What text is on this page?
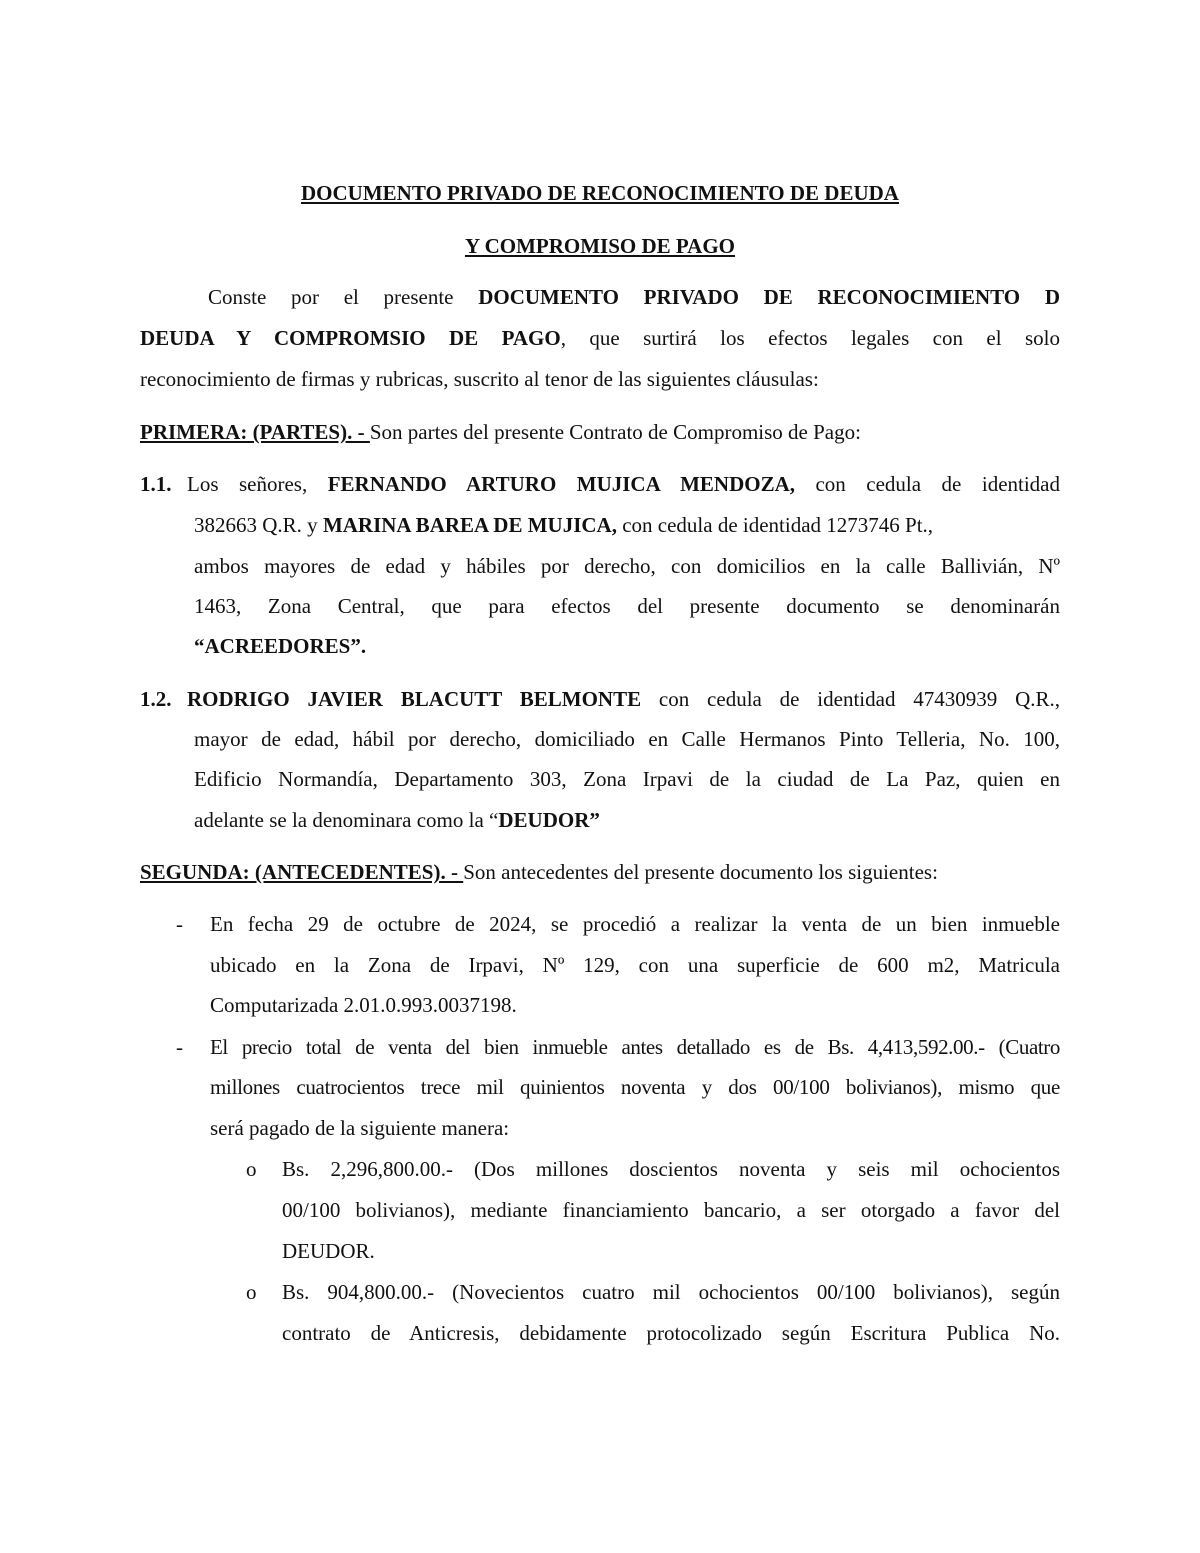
DOCUMENTO PRIVADO DE RECONOCIMIENTO DE DEUDA
Y COMPROMISO DE PAGO
Conste por el presente DOCUMENTO PRIVADO DE RECONOCIMIENTO D
DEUDA Y COMPROMSIO DE PAGO, que surtirá los efectos legales con el solo
reconocimiento de firmas y rubricas, suscrito al tenor de las siguientes cláusulas:
PRIMERA: (PARTES). - Son partes del presente Contrato de Compromiso de Pago:
1.1. Los señores, FERNANDO ARTURO MUJICA MENDOZA, con cedula de identidad
382663 Q.R. y MARINA BAREA DE MUJICA, con cedula de identidad 1273746 Pt.,
ambos mayores de edad y hábiles por derecho, con domicilios en la calle Ballivián, Nº
1463, Zona Central, que para efectos del presente documento se denominarán
“ACREEDORES”.
1.2. RODRIGO JAVIER BLACUTT BELMONTE con cedula de identidad 47430939 Q.R.,
mayor de edad, hábil por derecho, domiciliado en Calle Hermanos Pinto Telleria, No. 100,
Edificio Normandía, Departamento 303, Zona Irpavi de la ciudad de La Paz, quien en
adelante se la denominara como la “DEUDOR”
SEGUNDA: (ANTECEDENTES). - Son antecedentes del presente documento los siguientes:
- En fecha 29 de octubre de 2024, se procedió a realizar la venta de un bien inmueble
ubicado en la Zona de Irpavi, Nº 129, con una superficie de 600 m2, Matricula
Computarizada 2.01.0.993.0037198.
- El precio total de venta del bien inmueble antes detallado es de Bs. 4,413,592.00.- (Cuatro
millones cuatrocientos trece mil quinientos noventa y dos 00/100 bolivianos), mismo que
será pagado de la siguiente manera:
o Bs. 2,296,800.00.- (Dos millones doscientos noventa y seis mil ochocientos
00/100 bolivianos), mediante financiamiento bancario, a ser otorgado a favor del
DEUDOR.
o Bs. 904,800.00.- (Novecientos cuatro mil ochocientos 00/100 bolivianos), según
contrato de Anticresis, debidamente protocolizado según Escritura Publica No.
